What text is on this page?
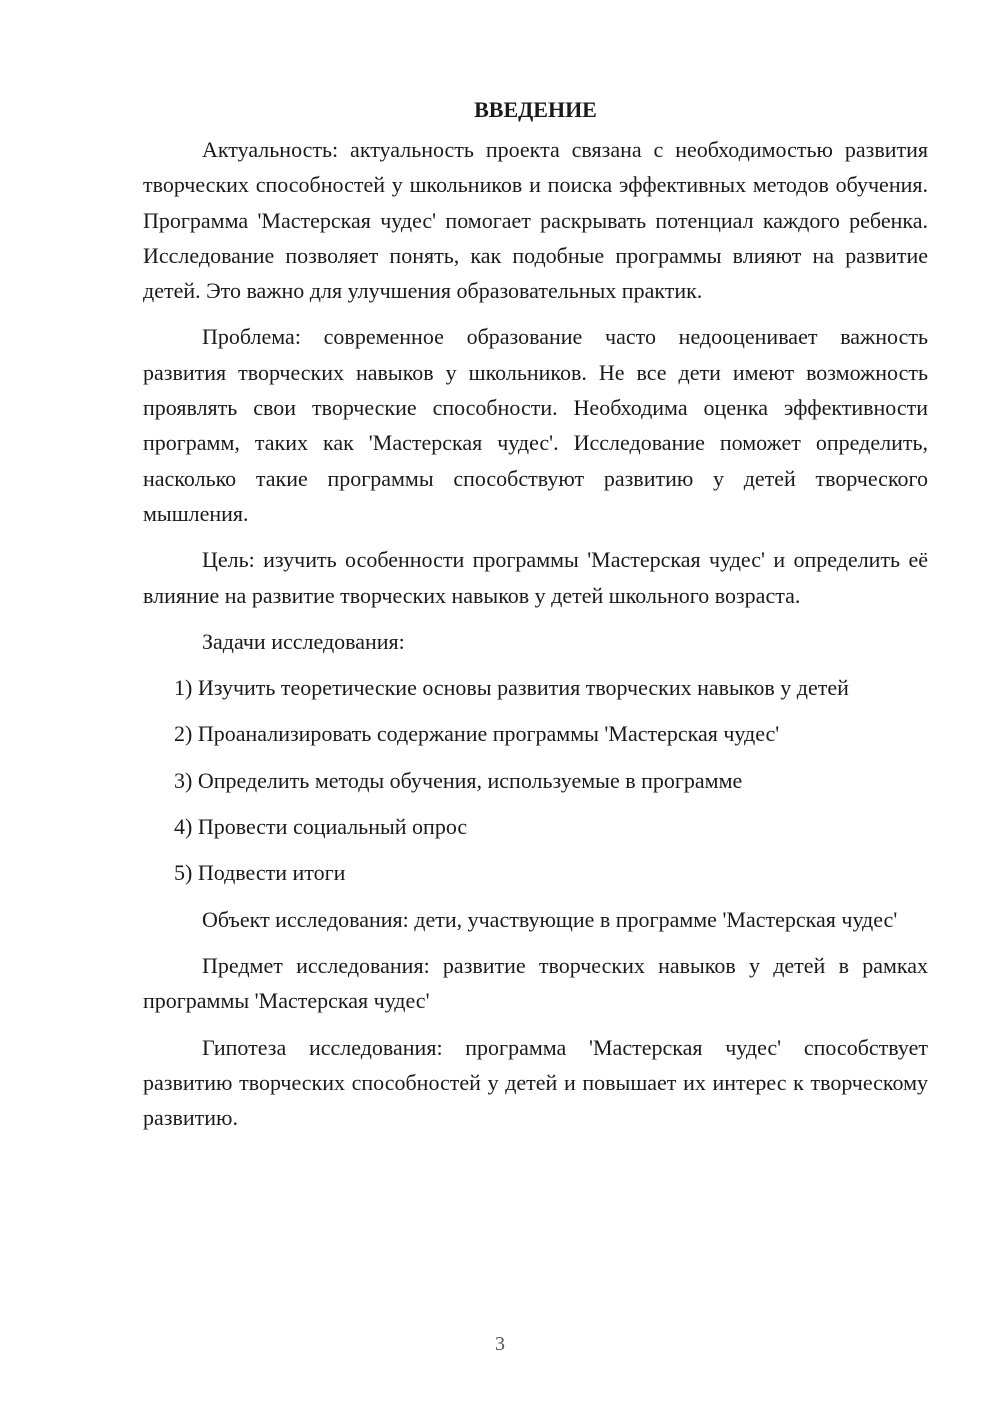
ВВЕДЕНИЕ

Актуальность: актуальность проекта связана с необходимостью развития творческих способностей у школьников и поиска эффективных методов обучения. Программа 'Мастерская чудес' помогает раскрывать потенциал каждого ребенка. Исследование позволяет понять, как подобные программы влияют на развитие детей. Это важно для улучшения образовательных практик.

Проблема: современное образование часто недооценивает важность развития творческих навыков у школьников. Не все дети имеют возможность проявлять свои творческие способности. Необходима оценка эффективности программ, таких как 'Мастерская чудес'. Исследование поможет определить, насколько такие программы способствуют развитию у детей творческого мышления.

Цель: изучить особенности программы 'Мастерская чудес' и определить её влияние на развитие творческих навыков у детей школьного возраста.

Задачи исследования:

1) Изучить теоретические основы развития творческих навыков у детей

2) Проанализировать содержание программы 'Мастерская чудес'

3) Определить методы обучения, используемые в программе

4) Провести социальный опрос

5) Подвести итоги

Объект исследования: дети, участвующие в программе 'Мастерская чудес'

Предмет исследования: развитие творческих навыков у детей в рамках программы 'Мастерская чудес'

Гипотеза исследования: программа 'Мастерская чудес' способствует развитию творческих способностей у детей и повышает их интерес к творческому развитию.

3
